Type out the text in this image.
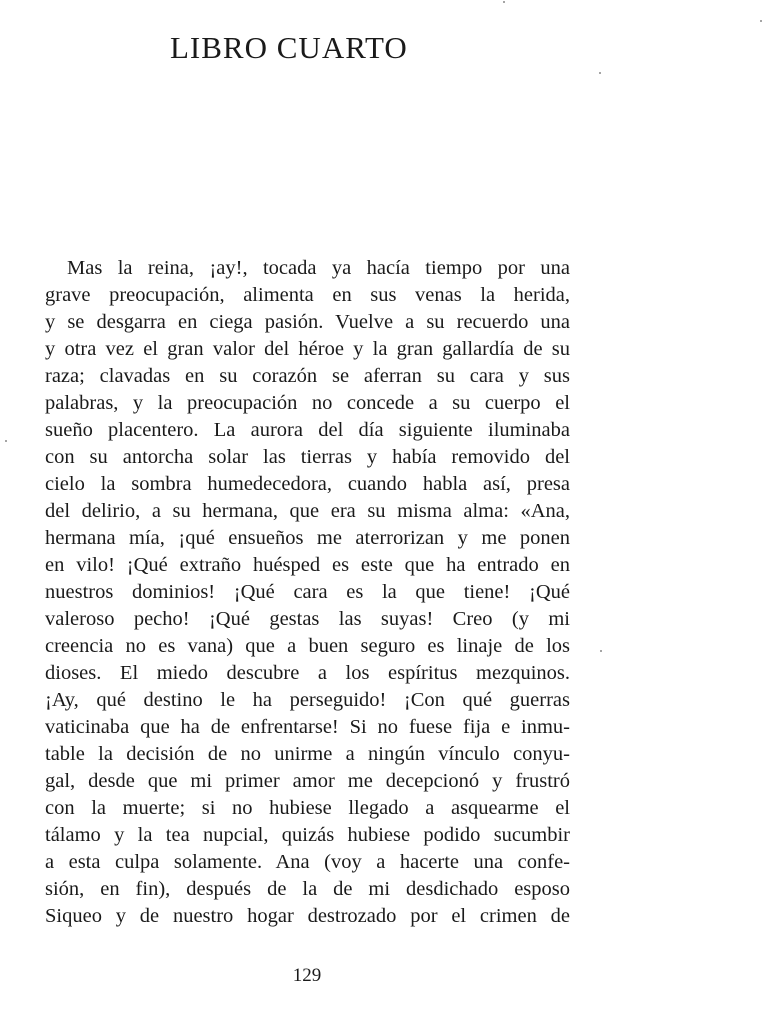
LIBRO CUARTO
Mas la reina, ¡ay!, tocada ya hacía tiempo por una
grave preocupación, alimenta en sus venas la herida,
y se desgarra en ciega pasión. Vuelve a su recuerdo una
y otra vez el gran valor del héroe y la gran gallardía de su
raza; clavadas en su corazón se aferran su cara y sus
palabras, y la preocupación no concede a su cuerpo el
sueño placentero. La aurora del día siguiente iluminaba
con su antorcha solar las tierras y había removido del
cielo la sombra humedecedora, cuando habla así, presa
del delirio, a su hermana, que era su misma alma: «Ana,
hermana mía, ¡qué ensueños me aterrorizan y me ponen
en vilo! ¡Qué extraño huésped es este que ha entrado en
nuestros dominios! ¡Qué cara es la que tiene! ¡Qué
valeroso pecho! ¡Qué gestas las suyas! Creo (y mi
creencia no es vana) que a buen seguro es linaje de los
dioses. El miedo descubre a los espíritus mezquinos.
¡Ay, qué destino le ha perseguido! ¡Con qué guerras
vaticinaba que ha de enfrentarse! Si no fuese fija e inmu-
table la decisión de no unirme a ningún vínculo conyu-
gal, desde que mi primer amor me decepcionó y frustró
con la muerte; si no hubiese llegado a asquearme el
tálamo y la tea nupcial, quizás hubiese podido sucumbir
a esta culpa solamente. Ana (voy a hacerte una confe-
sión, en fin), después de la de mi desdichado esposo
Siqueo y de nuestro hogar destrozado por el crimen de
129
